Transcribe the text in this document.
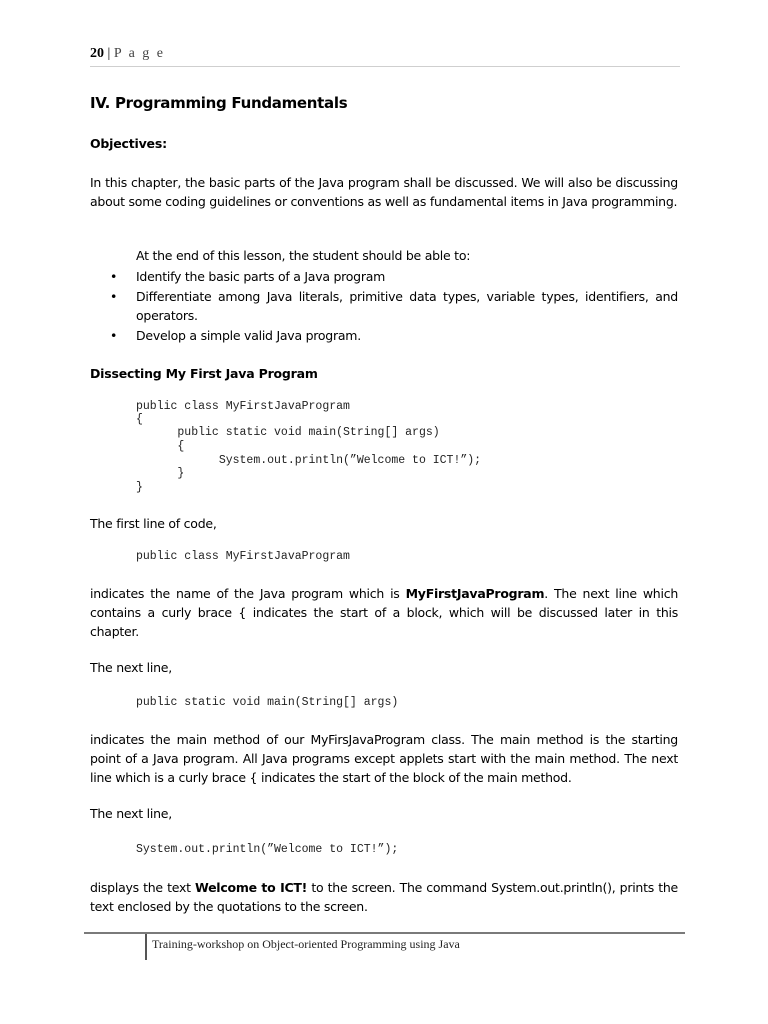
20 | P a g e
IV. Programming Fundamentals
Objectives:
In this chapter, the basic parts of the Java program shall be discussed. We will also be discussing about some coding guidelines or conventions as well as fundamental items in Java programming.
At the end of this lesson, the student should be able to:
• Identify the basic parts of a Java program
• Differentiate among Java literals, primitive data types, variable types, identifiers, and operators.
• Develop a simple valid Java program.
Dissecting My First Java Program
public class MyFirstJavaProgram
{
public static void main(String[] args)
{
System.out.println(”Welcome to ICT!”);
}
}
The first line of code,
public class MyFirstJavaProgram
indicates the name of the Java program which is MyFirstJavaProgram. The next line which contains a curly brace { indicates the start of a block, which will be discussed later in this chapter.
The next line,
public static void main(String[] args)
indicates the main method of our MyFirsJavaProgram class. The main method is the starting point of a Java program. All Java programs except applets start with the main method. The next line which is a curly brace { indicates the start of the block of the main method.
The next line,
System.out.println(”Welcome to ICT!”);
displays the text Welcome to ICT! to the screen. The command System.out.println(), prints the text enclosed by the quotations to the screen.
Training-workshop on Object-oriented Programming using Java
